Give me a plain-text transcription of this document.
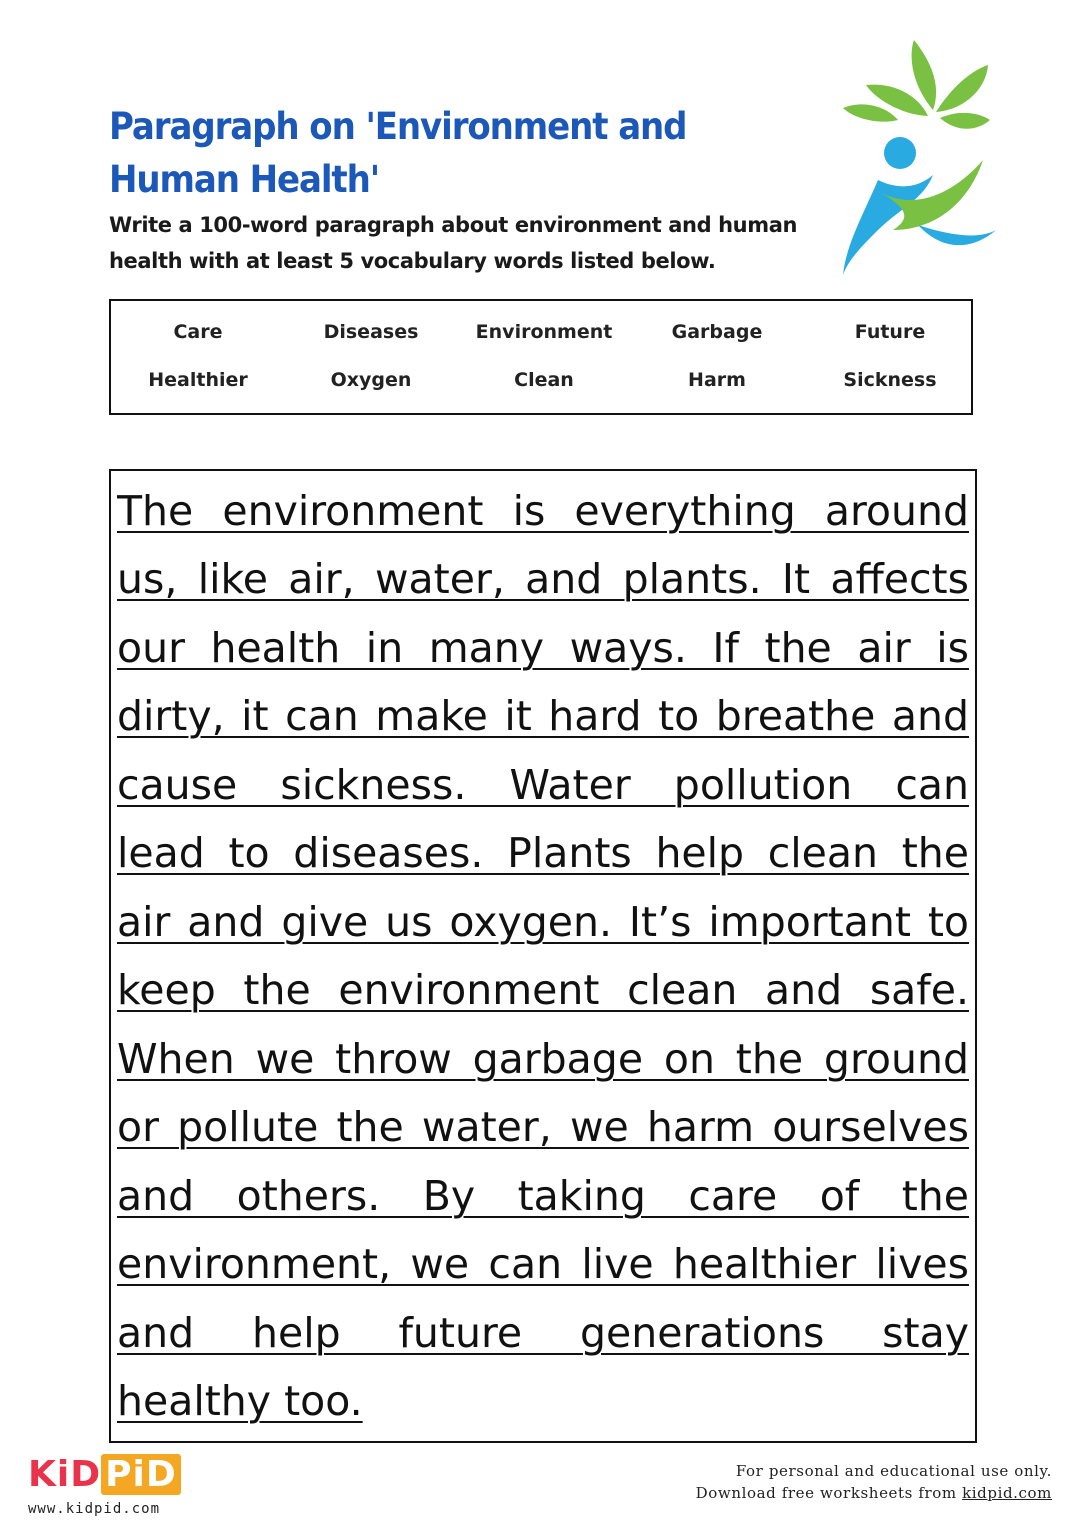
Paragraph on 'Environment and Human Health'
Write a 100-word paragraph about environment and human health with at least 5 vocabulary words listed below.
Care	Diseases	Environment	Garbage	Future
Healthier	Oxygen	Clean	Harm	Sickness
The environment is everything around
us, like air, water, and plants. It affects
our health in many ways. If the air is
dirty, it can make it hard to breathe and
cause sickness. Water pollution can
lead to diseases. Plants help clean the
air and give us oxygen. It’s important to
keep the environment clean and safe.
When we throw garbage on the ground
or pollute the water, we harm ourselves
and others. By taking care of the
environment, we can live healthier lives
and help future generations stay
healthy too.
KiD PiD
www.kidpid.com
For personal and educational use only.
Download free worksheets from kidpid.com
